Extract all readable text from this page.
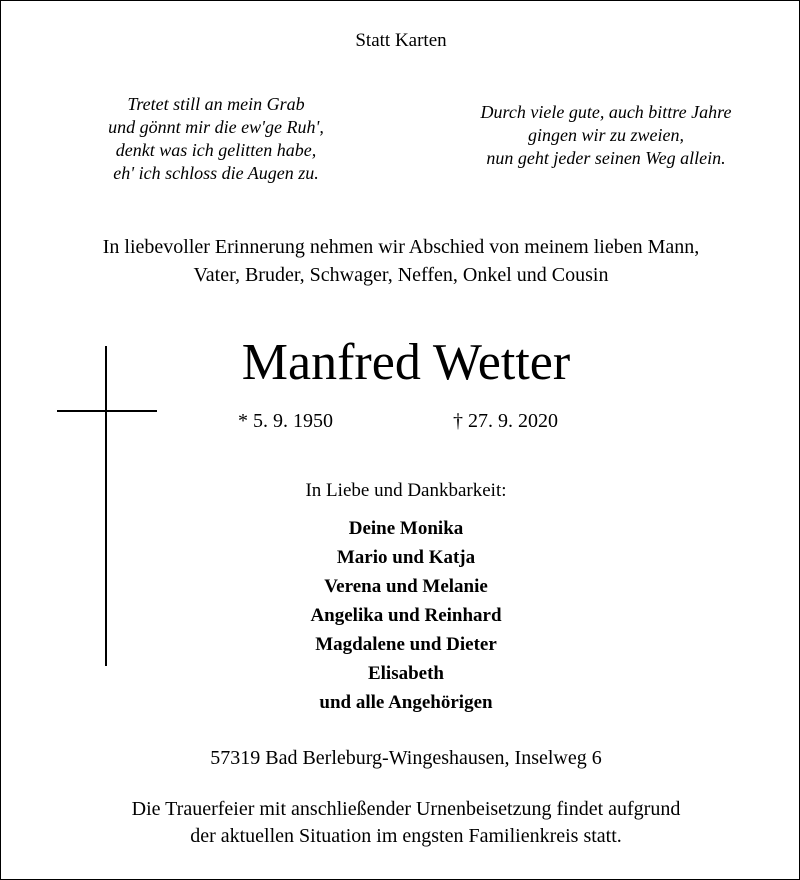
Statt Karten
Tretet still an mein Grab
und gönnt mir die ew'ge Ruh',
denkt was ich gelitten habe,
eh' ich schloss die Augen zu.
Durch viele gute, auch bittre Jahre
gingen wir zu zweien,
nun geht jeder seinen Weg allein.
In liebevoller Erinnerung nehmen wir Abschied von meinem lieben Mann,
Vater, Bruder, Schwager, Neffen, Onkel und Cousin
Manfred Wetter
* 5. 9. 1950	† 27. 9. 2020
In Liebe und Dankbarkeit:
Deine Monika
Mario und Katja
Verena und Melanie
Angelika und Reinhard
Magdalene und Dieter
Elisabeth
und alle Angehörigen
57319 Bad Berleburg-Wingeshausen, Inselweg 6
Die Trauerfeier mit anschließender Urnenbeisetzung findet aufgrund
der aktuellen Situation im engsten Familienkreis statt.
